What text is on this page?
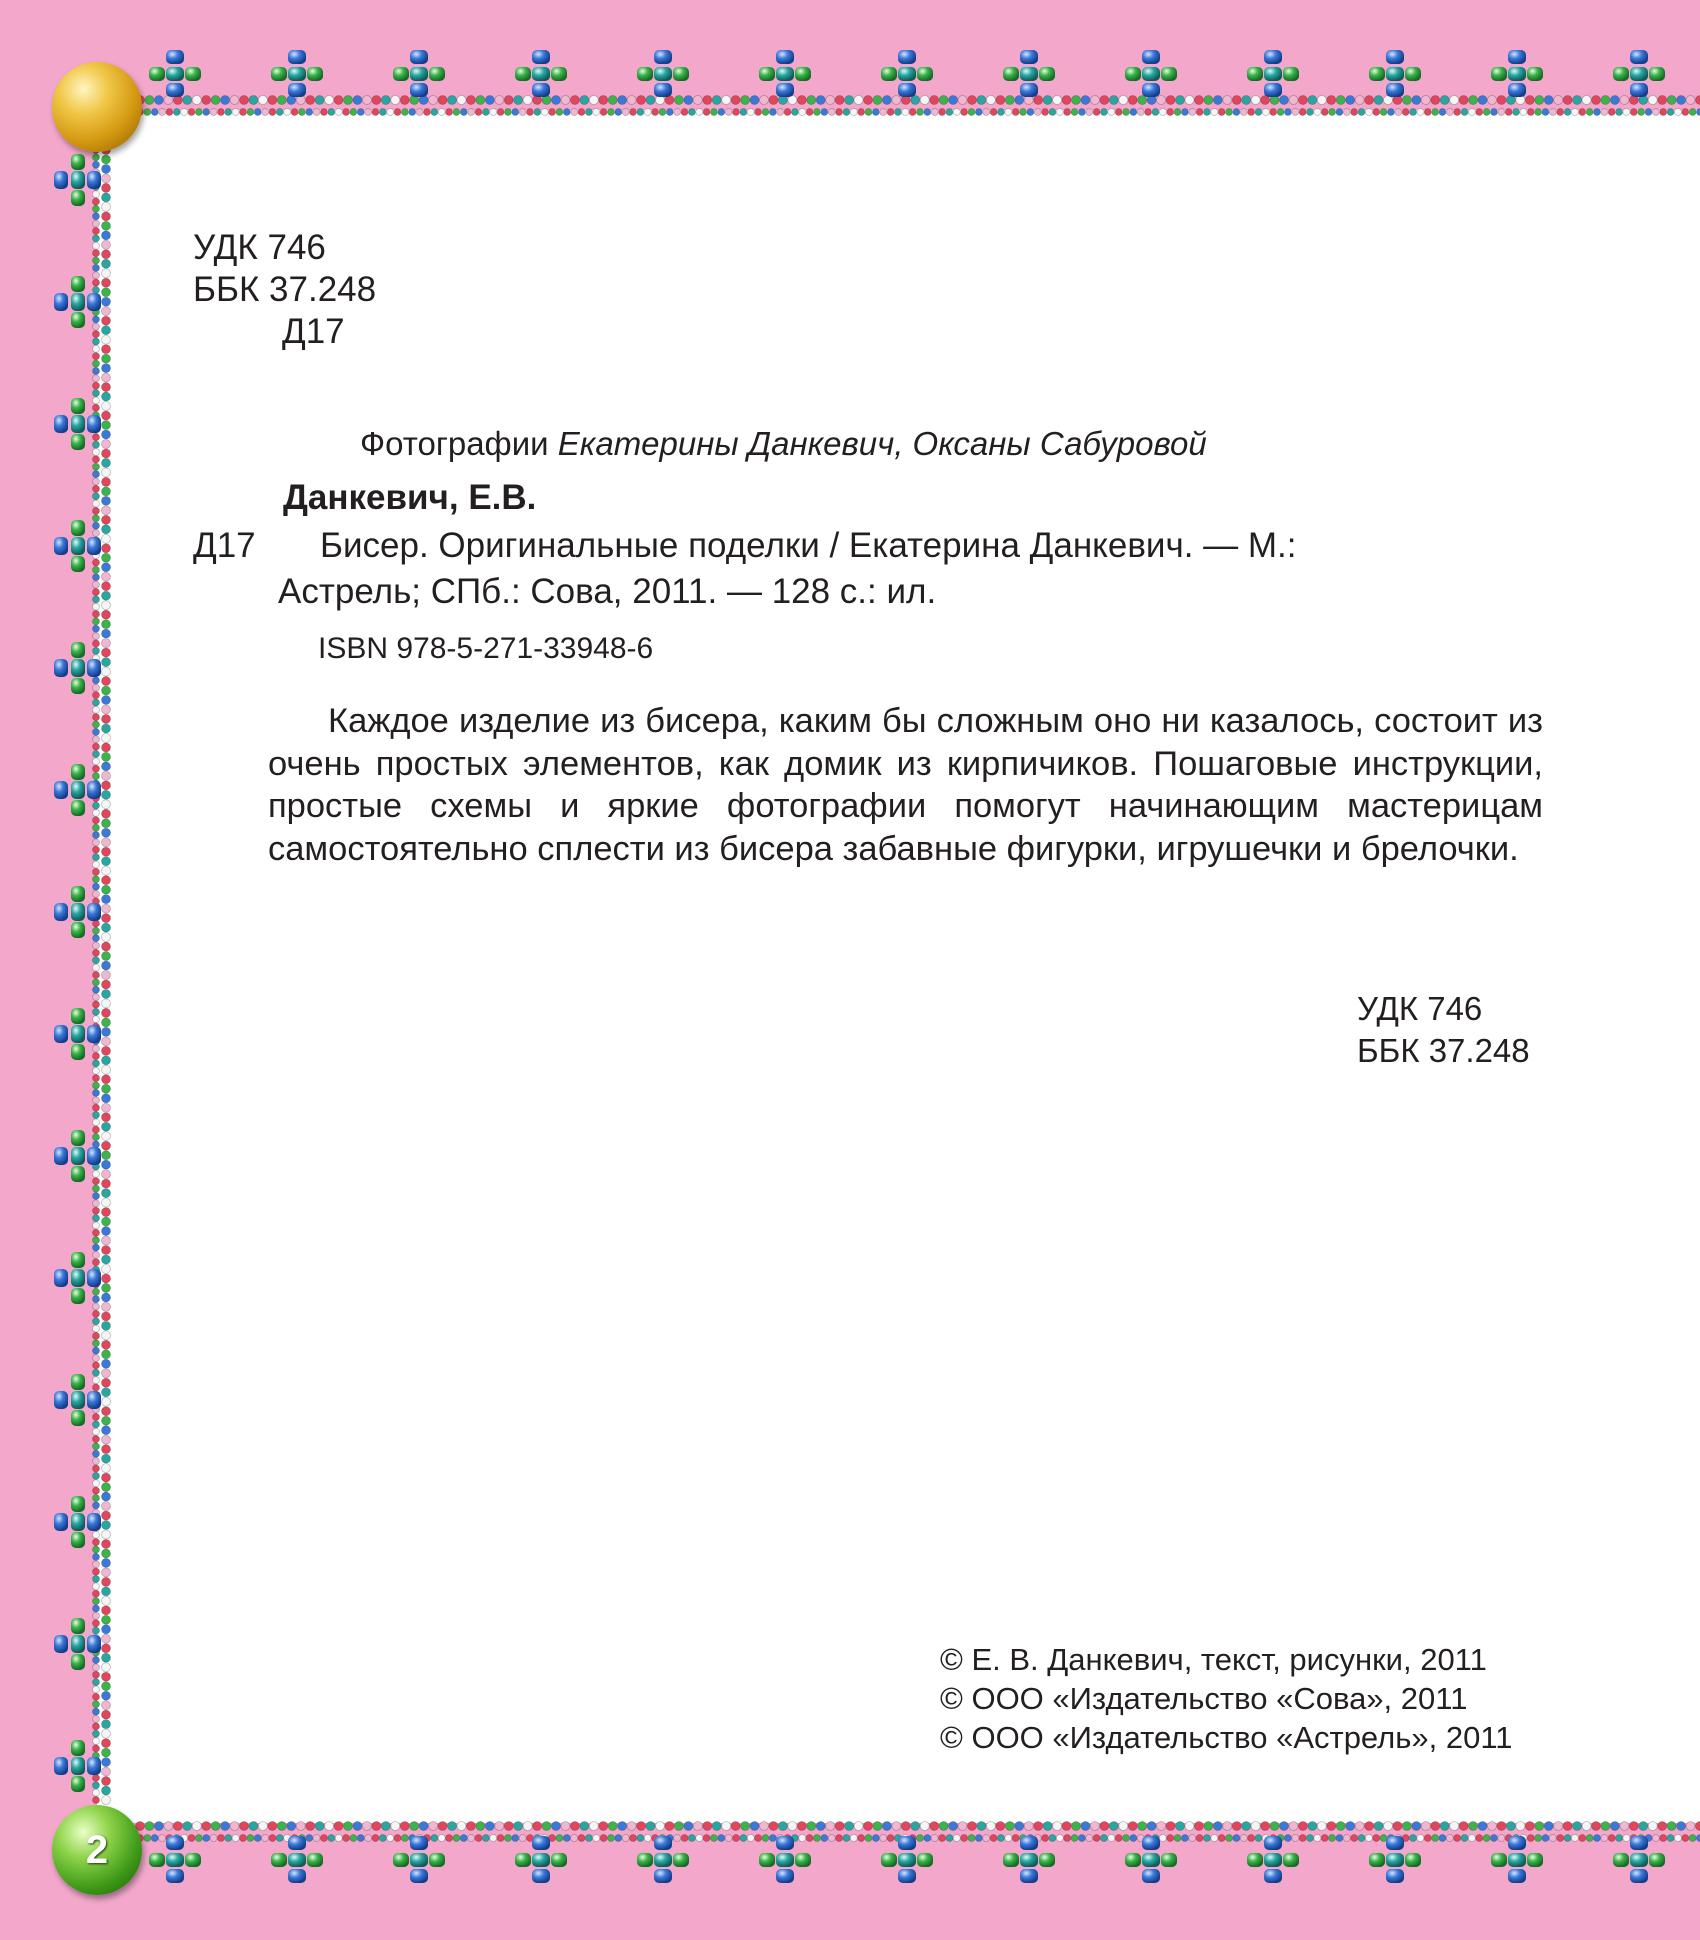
УДК 746
ББК 37.248
Д17
Фотографии Екатерины Данкевич, Оксаны Сабуровой
Данкевич, Е.В.
Д17 Бисер. Оригинальные поделки / Екатерина Данкевич. — М.:
Астрель; СПб.: Сова, 2011. — 128 с.: ил.
ISBN 978-5-271-33948-6
Каждое изделие из бисера, каким бы сложным оно ни казалось, состоит из очень простых элементов, как домик из кирпичиков. Пошаговые инструкции, простые схемы и яркие фотографии помогут начинающим мастерицам самостоятельно сплести из бисера забавные фигурки, игрушечки и брелочки.
УДК 746
ББК 37.248
© Е. В. Данкевич, текст, рисунки, 2011
© ООО «Издательство «Сова», 2011
© ООО «Издательство «Астрель», 2011
2
